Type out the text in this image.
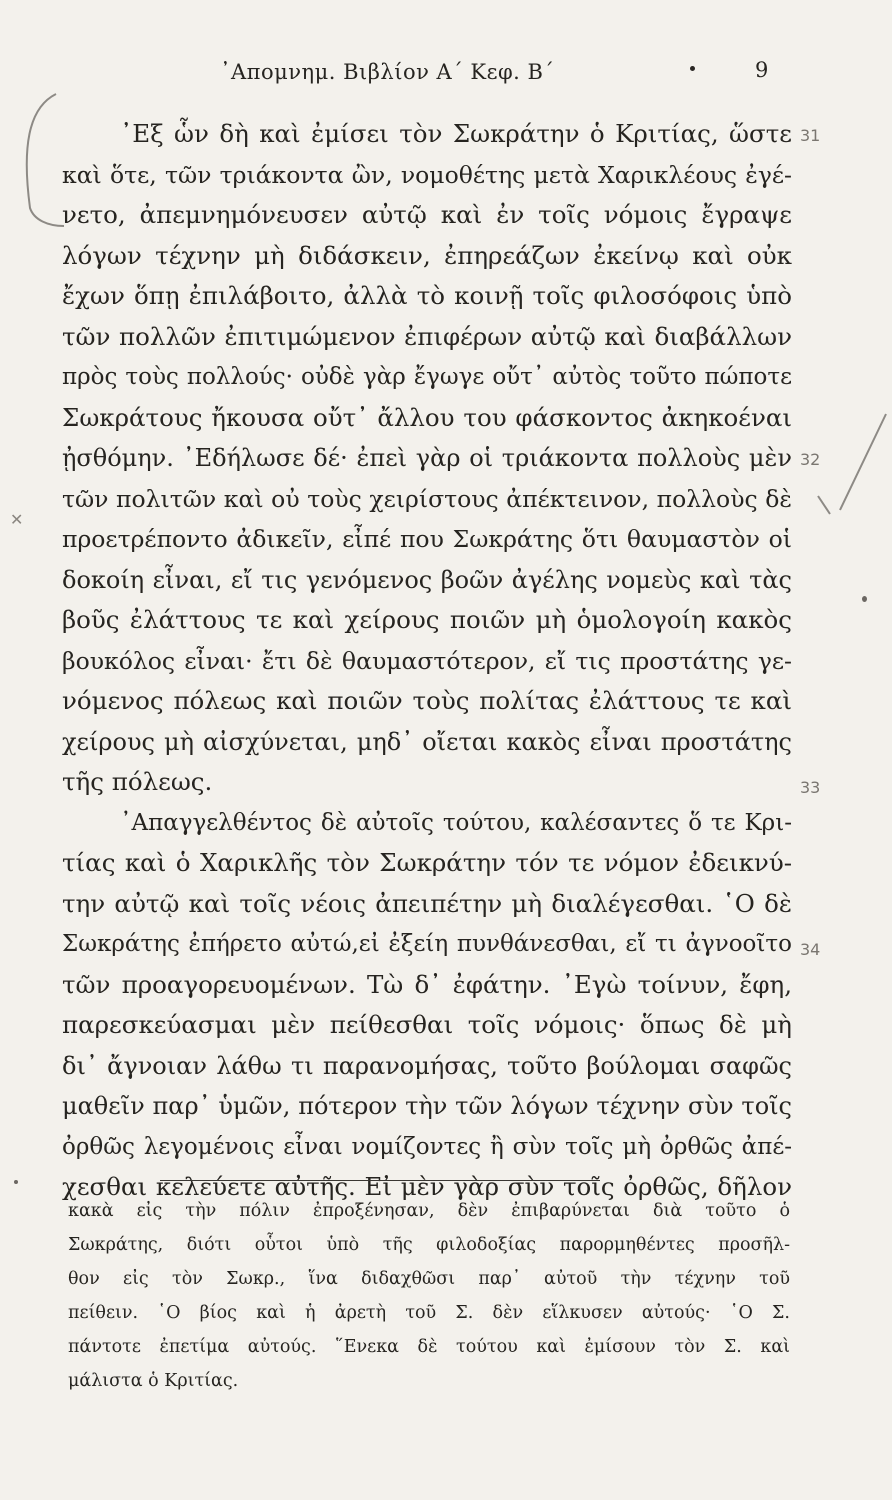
✕
᾿Απομνημ. Βιβλίον Α΄ Κεφ. Β΄	9
31
32
33
34
᾿Εξ ὧν δὴ καὶ ἐμίσει τὸν Σωκράτην ὁ Κριτίας, ὥστε
καὶ ὅτε, τῶν τριάκοντα ὢν, νομοθέτης μετὰ Χαρικλέους ἐγέ-
νετο, ἀπεμνημόνευσεν αὐτῷ καὶ ἐν τοῖς νόμοις ἔγραψε
λόγων τέχνην μὴ διδάσκειν, ἐπηρεάζων ἐκείνῳ καὶ οὐκ
ἔχων ὅπῃ ἐπιλάβοιτο, ἀλλὰ τὸ κοινῇ τοῖς φιλοσόφοις ὑπὸ
τῶν πολλῶν ἐπιτιμώμενον ἐπιφέρων αὐτῷ καὶ διαβάλλων
πρὸς τοὺς πολλούς· οὐδὲ γὰρ ἔγωγε οὔτ᾽ αὐτὸς τοῦτο πώποτε
Σωκράτους ἤκουσα οὔτ᾽ ἄλλου του φάσκοντος ἀκηκοέναι
ᾐσθόμην. ᾿Εδήλωσε δέ· ἐπεὶ γὰρ οἱ τριάκοντα πολλοὺς μὲν
τῶν πολιτῶν καὶ οὐ τοὺς χειρίστους ἀπέκτεινον, πολλοὺς δὲ
προετρέποντο ἀδικεῖν, εἶπέ που Σωκράτης ὅτι θαυμαστὸν οἱ
δοκοίη εἶναι, εἴ τις γενόμενος βοῶν ἀγέλης νομεὺς καὶ τὰς
βοῦς ἐλάττους τε καὶ χείρους ποιῶν μὴ ὁμολογοίη κακὸς
βουκόλος εἶναι· ἔτι δὲ θαυμαστότερον, εἴ τις προστάτης γε-
νόμενος πόλεως καὶ ποιῶν τοὺς πολίτας ἐλάττους τε καὶ
χείρους μὴ αἰσχύνεται, μηδ᾽ οἴεται κακὸς εἶναι προστάτης
τῆς πόλεως.
᾿Απαγγελθέντος δὲ αὐτοῖς τούτου, καλέσαντες ὅ τε Κρι-
τίας καὶ ὁ Χαρικλῆς τὸν Σωκράτην τόν τε νόμον ἐδεικνύ-
την αὐτῷ καὶ τοῖς νέοις ἀπειπέτην μὴ διαλέγεσθαι. ῾Ο δὲ
Σωκράτης ἐπήρετο αὐτώ,εἰ ἐξείη πυνθάνεσθαι, εἴ τι ἀγνοοῖτο
τῶν προαγορευομένων. Τὼ δ᾽ ἐφάτην. ᾿Εγὼ τοίνυν, ἔφη,
παρεσκεύασμαι μὲν πείθεσθαι τοῖς νόμοις· ὅπως δὲ μὴ
δι᾽ ἄγνοιαν λάθω τι παρανομήσας, τοῦτο βούλομαι σαφῶς
μαθεῖν παρ᾽ ὑμῶν, πότερον τὴν τῶν λόγων τέχνην σὺν τοῖς
ὀρθῶς λεγομένοις εἶναι νομίζοντες ἢ σὺν τοῖς μὴ ὀρθῶς ἀπέ-
χεσθαι κελεύετε αὐτῆς. Εἰ μὲν γὰρ σὺν τοῖς ὀρθῶς, δῆλον
κακὰ εἰς τὴν πόλιν ἐπροξένησαν, δὲν ἐπιβαρύνεται διὰ τοῦτο ὁ
Σωκράτης, διότι οὗτοι ὑπὸ τῆς φιλοδοξίας παρορμηθέντες προσῆλ-
θον εἰς τὸν Σωκρ., ἵνα διδαχθῶσι παρ᾽ αὐτοῦ τὴν τέχνην τοῦ
πείθειν. ῾Ο βίος καὶ ἡ ἀρετὴ τοῦ Σ. δὲν εἵλκυσεν αὐτούς· ῾Ο Σ.
πάντοτε ἐπετίμα αὐτούς. ῞Ενεκα δὲ τούτου καὶ ἐμίσουν τὸν Σ. καὶ
μάλιστα ὁ Κριτίας.
